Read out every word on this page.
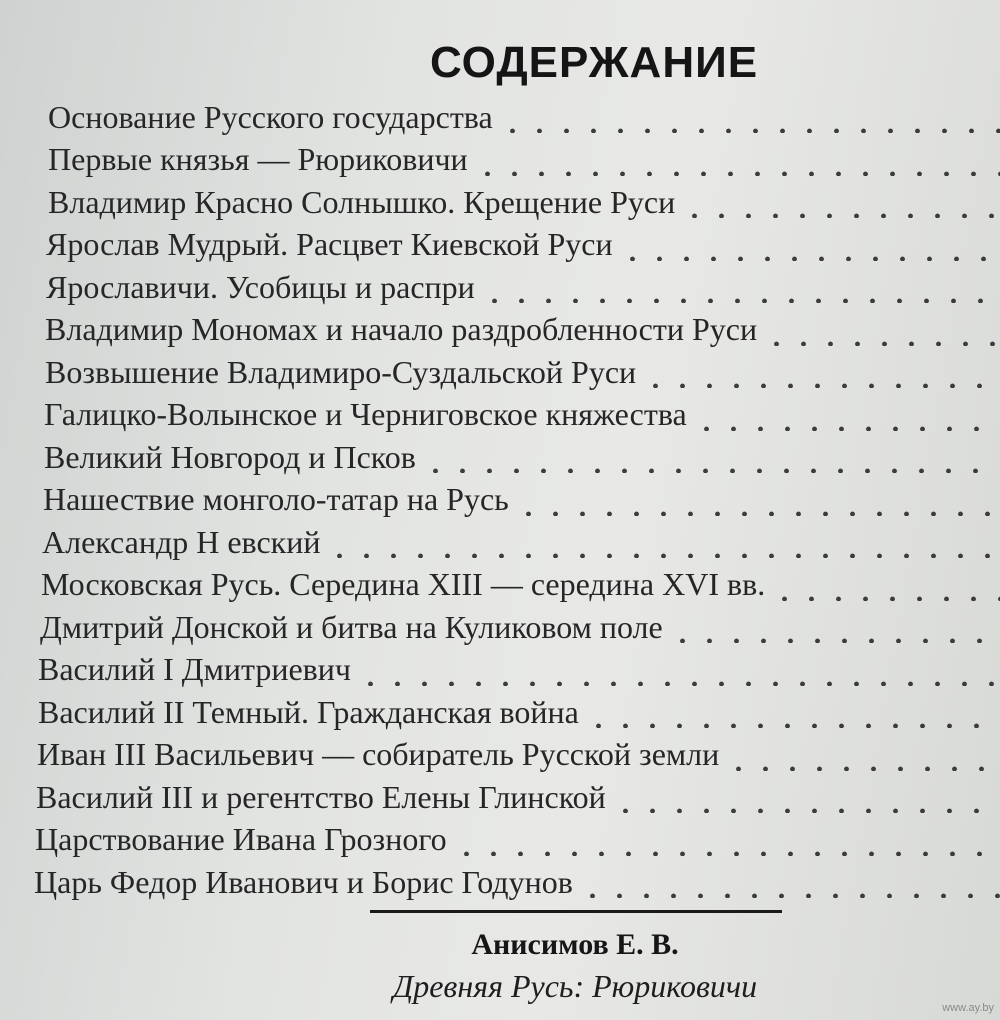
СОДЕРЖАНИЕ
Основание Русского государства
Первые князья — Рюриковичи
Владимир Красно Солнышко. Крещение Руси
Ярослав Мудрый. Расцвет Киевской Руси
Ярославичи. Усобицы и распри
Владимир Мономах и начало раздробленности Руси
Возвышение Владимиро-Суздальской Руси
Галицко-Волынское и Черниговское княжества
Великий Новгород и Псков
Нашествие монголо-татар на Русь
Александр Н евский
Московская Русь. Середина XIII — середина XVI вв.
Дмитрий Донской и битва на Куликовом поле
Василий I Дмитриевич
Василий II Темный. Гражданская война
Иван III Васильевич — собиратель Русской земли
Василий III и регентство Елены Глинской
Царствование Ивана Грозного
Царь Федор Иванович и Борис Годунов
Анисимов Е. В.
Древняя Русь: Рюриковичи
www.ay.by
